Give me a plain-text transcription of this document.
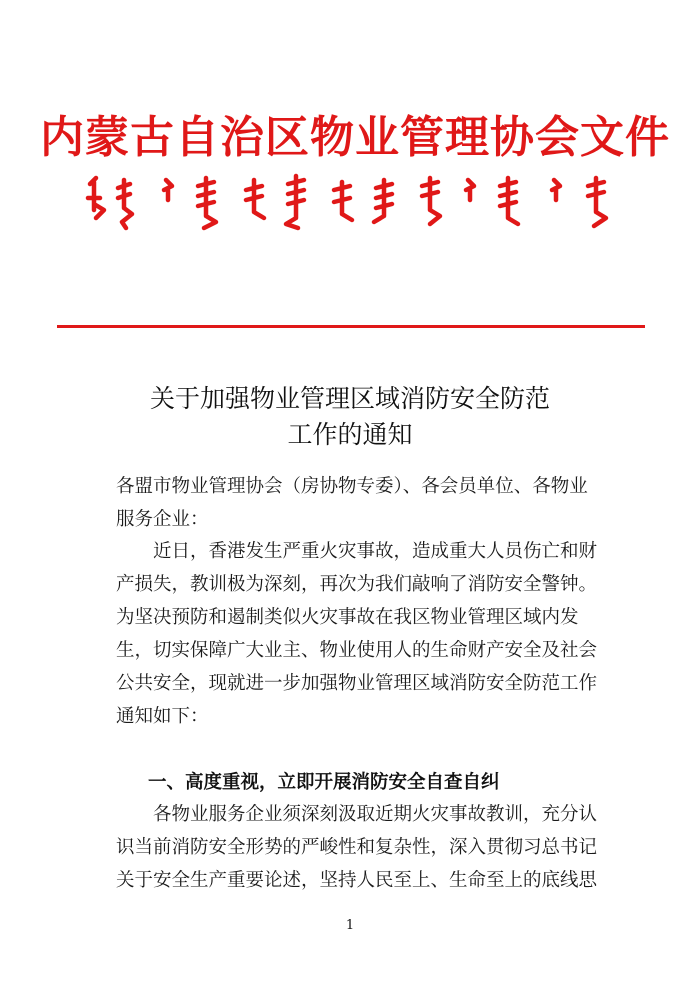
内蒙古自治区物业管理协会文件
关于加强物业管理区域消防安全防范
工作的通知
各盟市物业管理协会（房协物专委）、各会员单位、各物业
服务企业：
近日，香港发生严重火灾事故，造成重大人员伤亡和财
产损失，教训极为深刻，再次为我们敲响了消防安全警钟。
为坚决预防和遏制类似火灾事故在我区物业管理区域内发
生，切实保障广大业主、物业使用人的生命财产安全及社会
公共安全，现就进一步加强物业管理区域消防安全防范工作
通知如下：
一、高度重视，立即开展消防安全自查自纠
各物业服务企业须深刻汲取近期火灾事故教训，充分认
识当前消防安全形势的严峻性和复杂性，深入贯彻习总书记
关于安全生产重要论述，坚持人民至上、生命至上的底线思
1
